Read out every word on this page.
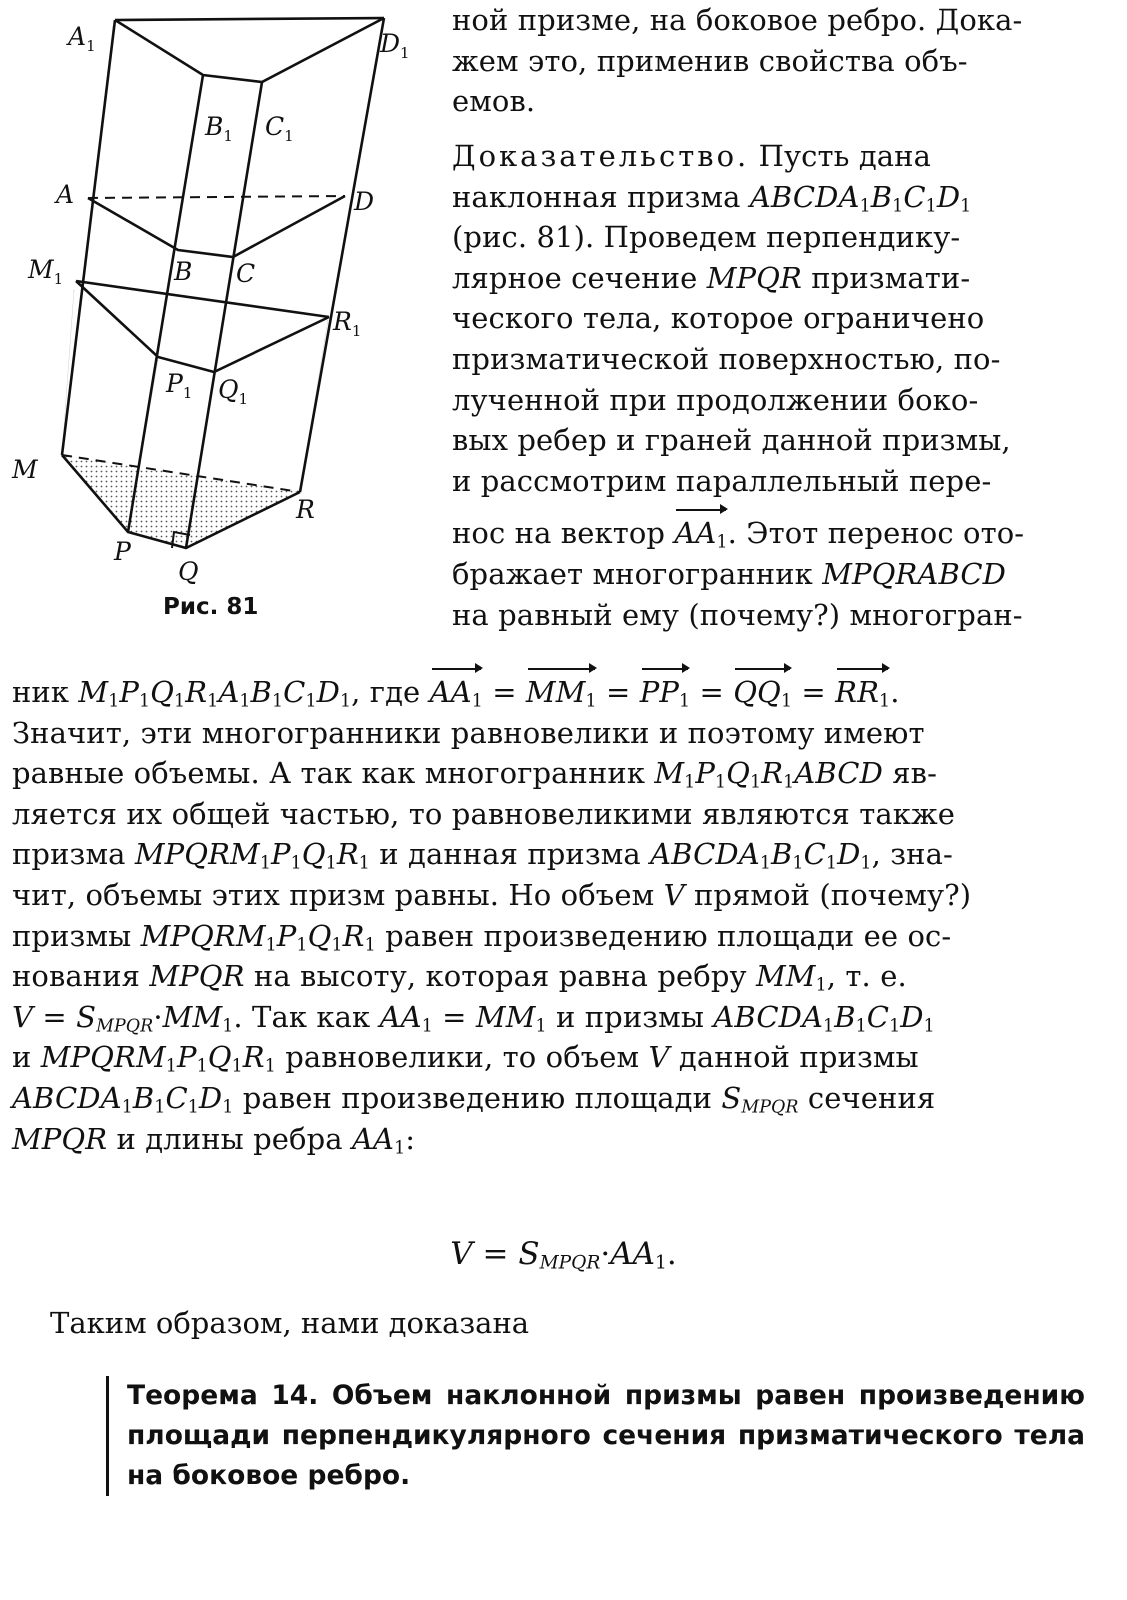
$A_1$	$D_1$
$B_1$ $C_1$
A	D
B C
$M_1$
$R_1$
$P_1$ $Q_1$
M
R
P
Q
Рис. 81

ной призме, на боковое ребро. Дока-

жем это, применив свойства объ-

емов.

Доказательство. Пусть дана

наклонная призма $ABCDA_1B_1C_1D_1$

(рис. 81). Проведем перпендику-

лярное сечение MPQR призмати-

ческого тела, которое ограничено

призматической поверхностью, по-

лученной при продолжении боко-

вых ребер и граней данной призмы,

и рассмотрим параллельный пере-

нос на вектор $AA_1$. Этот перенос ото-

бражает многогранник MPQRABCD

на равный ему (почему?) многогран-

ник $M_1P_1Q_1R_1A_1B_1C_1D_1$, где $AA_1 = MM_1 = PP_1 = QQ_1 = RR_1$.

Значит, эти многогранники равновелики и поэтому имеют

равные объемы. А так как многогранник $M_1P_1Q_1R_1ABCD$ яв-

ляется их общей частью, то равновеликими являются также

призма $MPQRM_1P_1Q_1R_1$ и данная призма $ABCDA_1B_1C_1D_1$, зна-

чит, объемы этих призм равны. Но объем V прямой (почему?)

призмы $MPQRM_1P_1Q_1R_1$ равен произведению площади ее ос-

нования MPQR на высоту, которая равна ребру $MM_1$, т. е.

$V = S_{MPQR}\cdot MM_1$. Так как $AA_1 = MM_1$ и призмы $ABCDA_1B_1C_1D_1$

и $MPQRM_1P_1Q_1R_1$ равновелики, то объем V данной призмы

$ABCDA_1B_1C_1D_1$ равен произведению площади $S_{MPQR}$ сечения

MPQR и длины ребра $AA_1$:

$V = S_{MPQR}\cdot AA_1$.
Таким образом, нами доказана

Теорема 14. Объем наклонной призмы равен произведению площади перпендикулярного сечения призматического тела на боковое ребро.
